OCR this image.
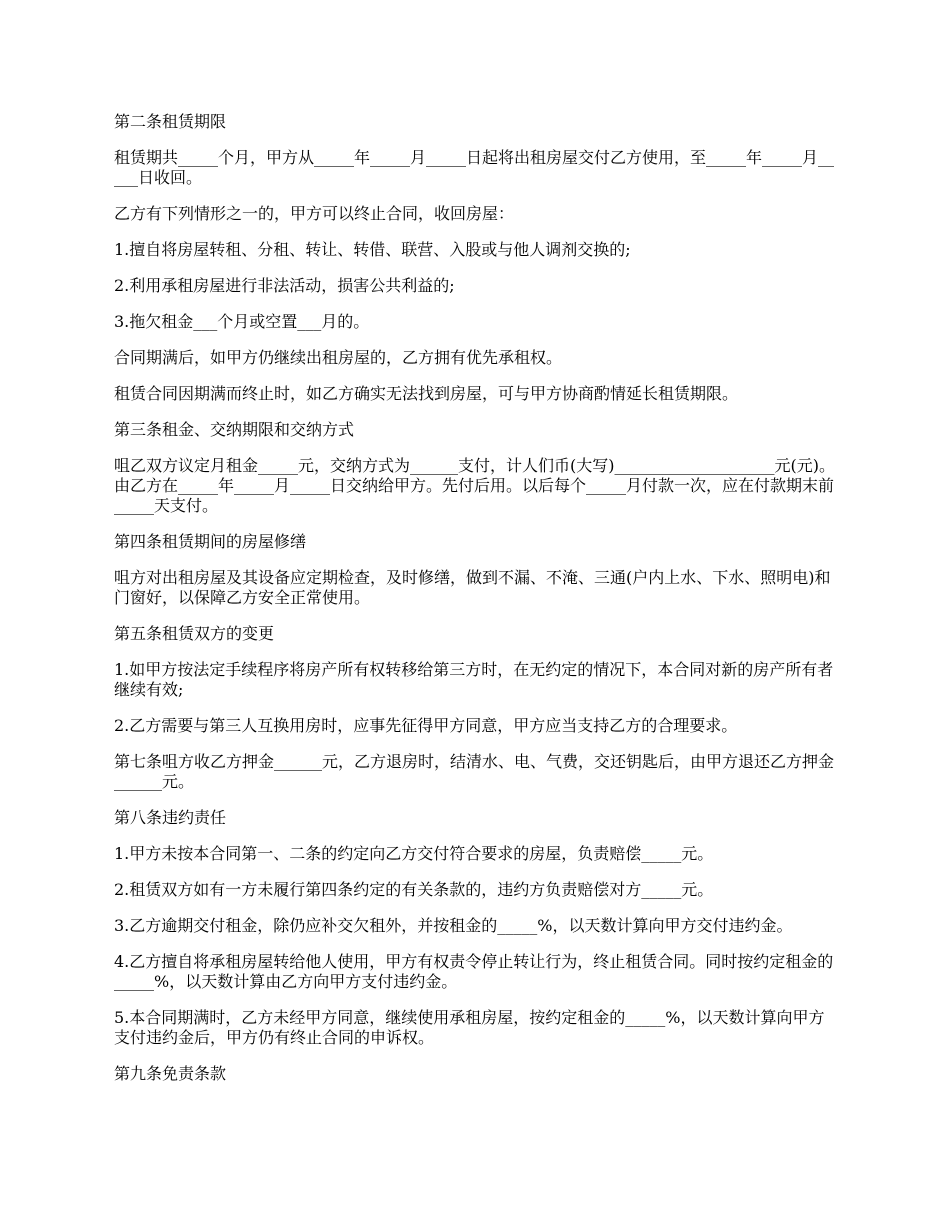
第二条租赁期限

租赁期共_____个月，甲方从_____年_____月_____日起将出租房屋交付乙方使用，至_____年_____月_____日收回。

乙方有下列情形之一的，甲方可以终止合同，收回房屋：

1.擅自将房屋转租、分租、转让、转借、联营、入股或与他人调剂交换的;

2.利用承租房屋进行非法活动，损害公共利益的;

3.拖欠租金___个月或空置___月的。

合同期满后，如甲方仍继续出租房屋的，乙方拥有优先承租权。

租赁合同因期满而终止时，如乙方确实无法找到房屋，可与甲方协商酌情延长租赁期限。

第三条租金、交纳期限和交纳方式

咀乙双方议定月租金_____元，交纳方式为______支付，计人们币(大写)____________________元(元)。由乙方在_____年_____月_____日交纳给甲方。先付后用。以后每个_____月付款一次，应在付款期末前_____天支付。

第四条租赁期间的房屋修缮

咀方对出租房屋及其设备应定期检查，及时修缮，做到不漏、不淹、三通(户内上水、下水、照明电)和门窗好，以保障乙方安全正常使用。

第五条租赁双方的变更

1.如甲方按法定手续程序将房产所有权转移给第三方时，在无约定的情况下，本合同对新的房产所有者继续有效;

2.乙方需要与第三人互换用房时，应事先征得甲方同意，甲方应当支持乙方的合理要求。

第七条咀方收乙方押金______元，乙方退房时，结清水、电、气费，交还钥匙后，由甲方退还乙方押金______元。

第八条违约责任

1.甲方未按本合同第一、二条的约定向乙方交付符合要求的房屋，负责赔偿_____元。

2.租赁双方如有一方未履行第四条约定的有关条款的，违约方负责赔偿对方_____元。

3.乙方逾期交付租金，除仍应补交欠租外，并按租金的_____%，以天数计算向甲方交付违约金。

4.乙方擅自将承租房屋转给他人使用，甲方有权责令停止转让行为，终止租赁合同。同时按约定租金的_____%，以天数计算由乙方向甲方支付违约金。

5.本合同期满时，乙方未经甲方同意，继续使用承租房屋，按约定租金的_____%，以天数计算向甲方支付违约金后，甲方仍有终止合同的申诉权。

第九条免责条款
